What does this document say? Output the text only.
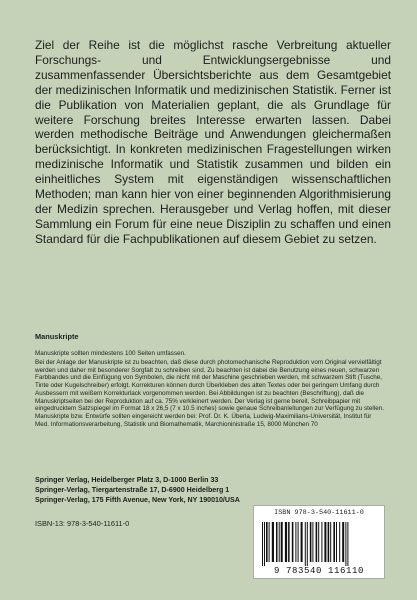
Ziel der Reihe ist die möglichst rasche Verbreitung aktueller Forschungs- und Entwicklungsergebnisse und zusammenfassender Übersichtsberichte aus dem Gesamtgebiet der medizinischen Informatik und medizinischen Statistik. Ferner ist die Publikation von Materialien geplant, die als Grundlage für weitere Forschung breites Interesse erwarten lassen. Dabei werden methodische Beiträge und Anwendungen gleichermaßen berücksichtigt. In konkreten medizinischen Fragestellungen wirken medizinische Informatik und Statistik zusammen und bilden ein einheitliches System mit eigenständigen wissenschaftlichen Methoden; man kann hier von einer beginnenden Algorithmisierung der Medizin sprechen. Herausgeber und Verlag hoffen, mit dieser Sammlung ein Forum für eine neue Disziplin zu schaffen und einen Standard für die Fachpublikationen auf diesem Gebiet zu setzen.

Manuskripte

Manuskripte sollten mindestens 100 Seiten umfassen.
Bei der Anlage der Manuskripte ist zu beachten, daß diese durch photomechanische Reproduktion vom Original vervielfältigt werden und daher mit besonderer Sorgfalt zu schreiben sind. Zu beachten ist dabei die Benutzung eines neuen, schwarzen Farbbandes und die Einfügung von Symbolen, die nicht mit der Maschine geschrieben werden, mit schwarzem Stift (Tusche, Tinte oder Kugelschreiber) erfolgt. Korrekturen können durch Überkleben des alten Textes oder bei geringem Umfang durch Ausbessern mit weißem Korrekturlack vorgenommen werden. Bei Abbildungen ist zu beachten (Beschriftung), daß die Manuskriptseiten bei der Reproduktion auf ca. 75% verkleinert werden. Der Verlag ist gerne bereit, Schreibpapier mit eingedrucktem Satzspiegel im Format 18 x 26,5 (7 x 10.5 inches) sowie genaue Schreibanleitungen zur Verfügung zu stellen. Manuskripte bzw. Entwürfe sollten eingereicht werden bei: Prof. Dr. K. Überla, Ludwig-Maximilians-Universität, Institut für Med. Informationsverarbeitung, Statistik und Biomathematik, Marchioninistraße 15, 8000 München 70

Springer Verlag, Heidelberger Platz 3, D-1000 Berlin 33
Springer-Verlag, Tiergartenstraße 17, D-6900 Heidelberg 1
Springer-Verlag, 175 Fifth Avenue, New York, NY 190010/USA
ISBN-13: 978-3-540-11611-0
ISBN 978-3-540-11611-0
9 783540 116110
